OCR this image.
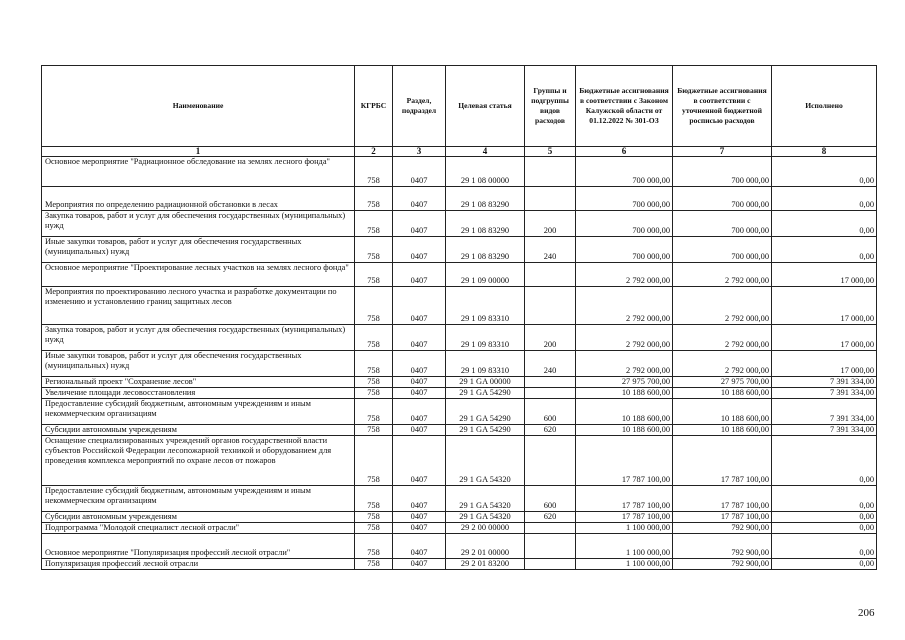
Наименование	КГРБС	Раздел, подраздел	Целевая статья	Группы и подгруппы видов расходов	Бюджетные ассигнования в соответствии с Законом Калужской области от 01.12.2022 № 301-ОЗ	Бюджетные ассигнования в соответствии с уточненной бюджетной росписью расходов	Исполнено
1	2	3	4	5	6	7	8
Основное мероприятие "Радиационное обследование на землях лесного фонда"	758	0407	29 1 08 00000		700 000,00	700 000,00	0,00
Мероприятия по определению радиационной обстановки в лесах	758	0407	29 1 08 83290		700 000,00	700 000,00	0,00
Закупка товаров, работ и услуг для обеспечения государственных (муниципальных) нужд	758	0407	29 1 08 83290	200	700 000,00	700 000,00	0,00
Иные закупки товаров, работ и услуг для обеспечения государственных (муниципальных) нужд	758	0407	29 1 08 83290	240	700 000,00	700 000,00	0,00
Основное мероприятие "Проектирование лесных участков на землях лесного фонда"	758	0407	29 1 09 00000		2 792 000,00	2 792 000,00	17 000,00
Мероприятия по проектированию лесного участка и разработке документации по изменению и установлению границ защитных лесов	758	0407	29 1 09 83310		2 792 000,00	2 792 000,00	17 000,00
Закупка товаров, работ и услуг для обеспечения государственных (муниципальных) нужд	758	0407	29 1 09 83310	200	2 792 000,00	2 792 000,00	17 000,00
Иные закупки товаров, работ и услуг для обеспечения государственных (муниципальных) нужд	758	0407	29 1 09 83310	240	2 792 000,00	2 792 000,00	17 000,00
Региональный проект "Сохранение лесов"	758	0407	29 1 GA 00000		27 975 700,00	27 975 700,00	7 391 334,00
Увеличение площади лесовосстановления	758	0407	29 1 GA 54290		10 188 600,00	10 188 600,00	7 391 334,00
Предоставление субсидий бюджетным, автономным учреждениям и иным некоммерческим организациям	758	0407	29 1 GA 54290	600	10 188 600,00	10 188 600,00	7 391 334,00
Субсидии автономным учреждениям	758	0407	29 1 GA 54290	620	10 188 600,00	10 188 600,00	7 391 334,00
Оснащение специализированных учреждений органов государственной власти субъектов Российской Федерации лесопожарной техникой и оборудованием для проведения комплекса мероприятий по охране лесов от пожаров	758	0407	29 1 GA 54320		17 787 100,00	17 787 100,00	0,00
Предоставление субсидий бюджетным, автономным учреждениям и иным некоммерческим организациям	758	0407	29 1 GA 54320	600	17 787 100,00	17 787 100,00	0,00
Субсидии автономным учреждениям	758	0407	29 1 GA 54320	620	17 787 100,00	17 787 100,00	0,00
Подпрограмма "Молодой специалист лесной отрасли"	758	0407	29 2 00 00000		1 100 000,00	792 900,00	0,00
Основное мероприятие "Популяризация профессий лесной отрасли"	758	0407	29 2 01 00000		1 100 000,00	792 900,00	0,00
Популяризация профессий лесной отрасли	758	0407	29 2 01 83200		1 100 000,00	792 900,00	0,00
206
